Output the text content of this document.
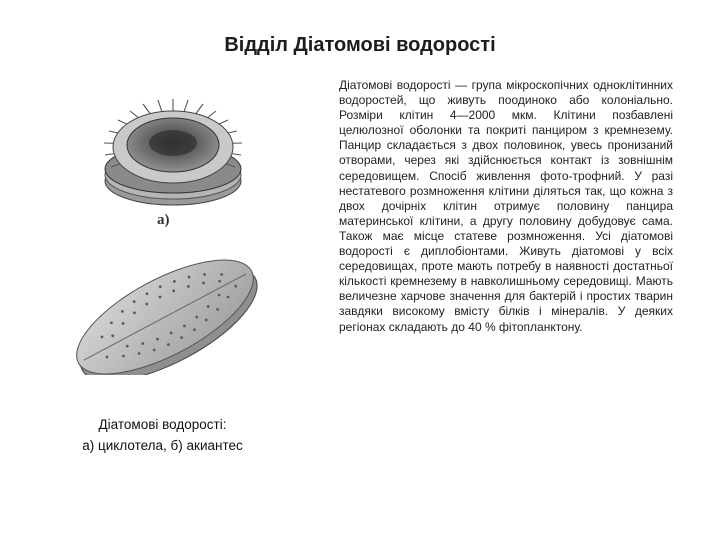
Відділ Діатомові водорості
а)
Діатомові водорості:
а) циклотела, б) акиантес
Діатомові водорості — група мікроскопічних одноклітинних водоростей, що живуть поодиноко або колоніально. Розміри клітин 4—2000 мкм. Клітини позбавлені целюлозної оболонки та покриті панциром з кремнезему. Панцир складається з двох половинок, увесь пронизаний отворами, через які здійснюється контакт із зовнішнім середовищем. Спосіб живлення фото-трофний. У разі нестатевого розмноження клітини діляться так, що кожна з двох дочірніх клітин отримує половину панцира материнської клітини, а другу половину добудовує сама. Також має місце статеве розмноження. Усі діатомові водорості є диплобіонтами. Живуть діатомові у всіх середовищах, проте мають потребу в наявності достатньої кількості кремнезему в навколишньому середовищі. Мають величезне харчове значення для бактерій і простих тварин завдяки високому вмісту білків і мінералів. У деяких регіонах складають до 40 % фітопланктону.
